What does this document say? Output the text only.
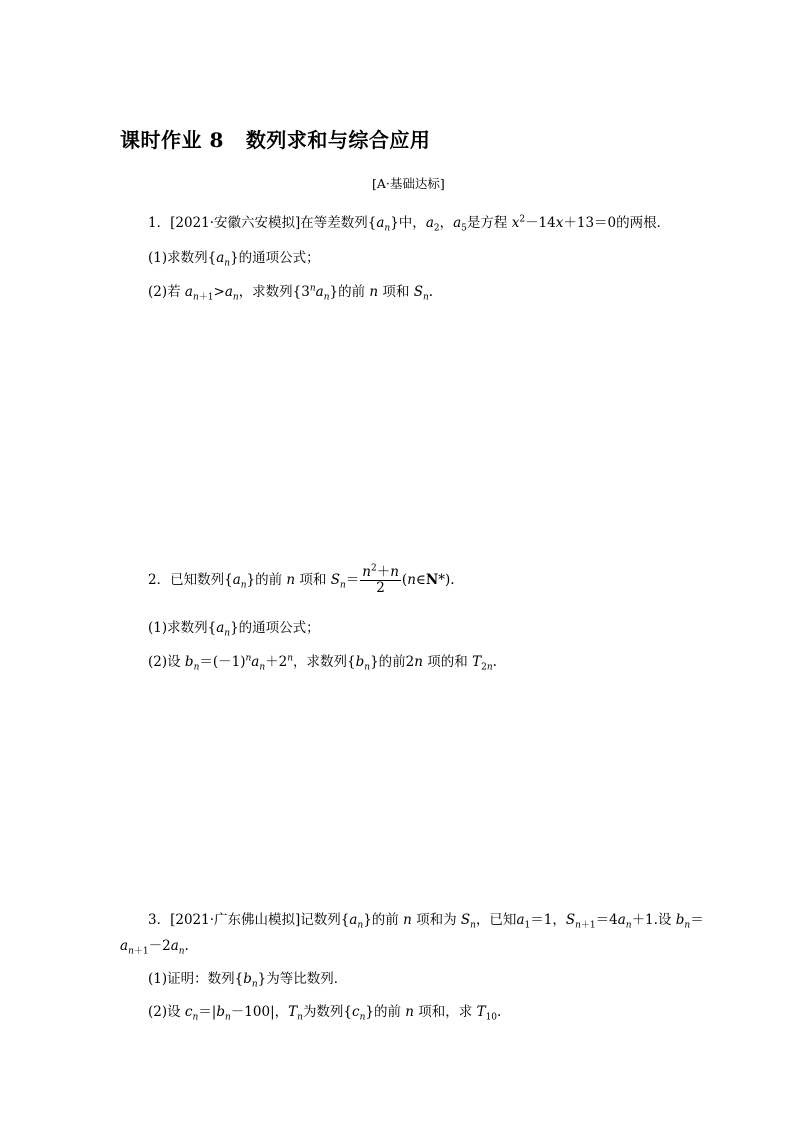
课时作业 8 数列求和与综合应用
[A·基础达标]
1．[2021·安徽六安模拟]在等差数列$\{a_n\}$中，$a_2$，$a_5$是方程 $x^2-14x+13=0$的两根．
(1)求数列$\{a_n\}$的通项公式；
(2)若 $a_{n+1}>a_n$，求数列$\{3^na_n\}$的前 n 项和 $S_n$.
2．已知数列$\{a_n\}$的前 n 项和 $S_n= \frac{n^2+n}{2}$ (n∈N*).
(1)求数列$\{a_n\}$的通项公式；
(2)设 $b_n=(-1)^na_n+2^n$，求数列$\{b_n\}$的前2n 项的和 $T_{2n}$.
3．[2021·广东佛山模拟]记数列$\{a_n\}$的前 n 项和为 $S_n$，已知$a_1=1$，$S_{n+1}=4a_n+1$.设 $b_n=$
$a_{n+1}-2a_n$.
(1)证明：数列$\{b_n\}$为等比数列．
(2)设 $c_n=|b_n-100|$，$T_n$为数列$\{c_n\}$的前 n 项和，求 $T_{10}$.
